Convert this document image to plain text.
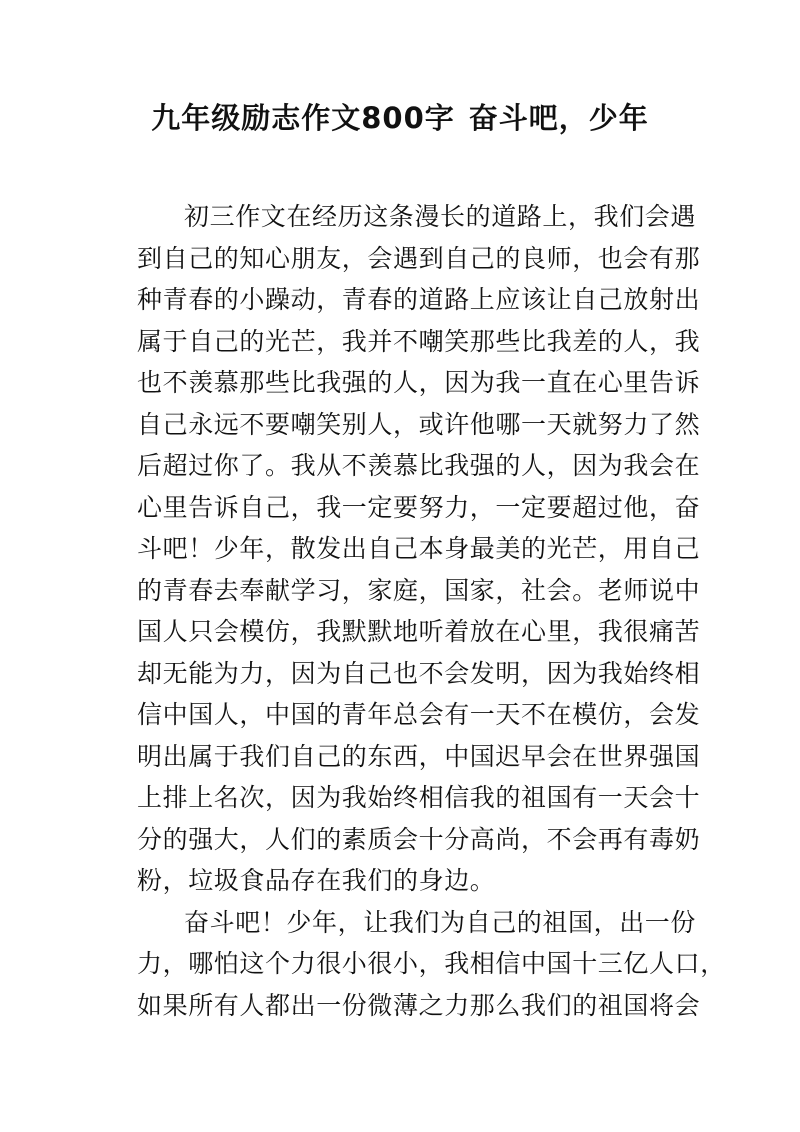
九年级励志作文800字 奋斗吧，少年
初三作文在经历这条漫长的道路上，我们会遇
到自己的知心朋友，会遇到自己的良师，也会有那
种青春的小躁动，青春的道路上应该让自己放射出
属于自己的光芒，我并不嘲笑那些比我差的人，我
也不羡慕那些比我强的人，因为我一直在心里告诉
自己永远不要嘲笑别人，或许他哪一天就努力了然
后超过你了。我从不羡慕比我强的人，因为我会在
心里告诉自己，我一定要努力，一定要超过他，奋
斗吧！少年，散发出自己本身最美的光芒，用自己
的青春去奉献学习，家庭，国家，社会。老师说中
国人只会模仿，我默默地听着放在心里，我很痛苦
却无能为力，因为自己也不会发明，因为我始终相
信中国人，中国的青年总会有一天不在模仿，会发
明出属于我们自己的东西，中国迟早会在世界强国
上排上名次，因为我始终相信我的祖国有一天会十
分的强大，人们的素质会十分高尚，不会再有毒奶
粉，垃圾食品存在我们的身边。
奋斗吧！少年，让我们为自己的祖国，出一份
力，哪怕这个力很小很小，我相信中国十三亿人口，
如果所有人都出一份微薄之力那么我们的祖国将会
